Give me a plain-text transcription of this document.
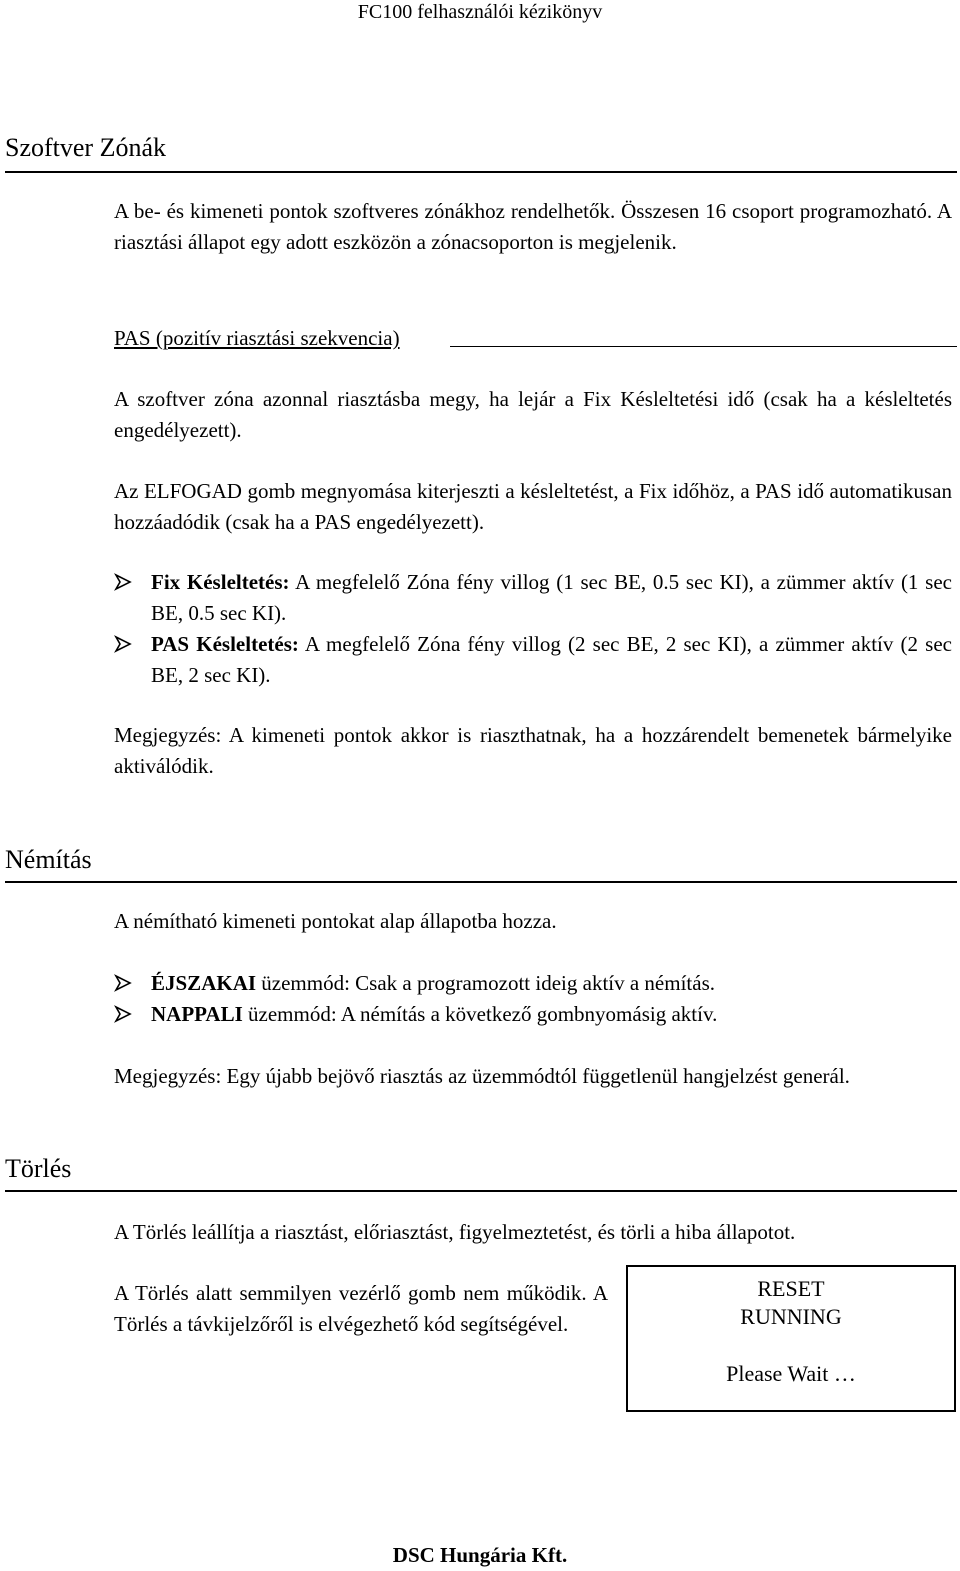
FC100 felhasználói kézikönyv
Szoftver Zónák
A be- és kimeneti pontok szoftveres zónákhoz rendelhetők. Összesen 16 csoport programozható. A riasztási állapot egy adott eszközön a zónacsoporton is megjelenik.
PAS (pozitív riasztási szekvencia)
A szoftver zóna azonnal riasztásba megy, ha lejár a Fix Késleltetési idő (csak ha a késleltetés engedélyezett).
Az ELFOGAD gomb megnyomása kiterjeszti a késleltetést, a Fix időhöz, a PAS idő automatikusan hozzáadódik (csak ha a PAS engedélyezett).
Fix Késleltetés: A megfelelő Zóna fény villog (1 sec BE, 0.5 sec KI), a zümmer aktív (1 sec BE, 0.5 sec KI).
PAS Késleltetés: A megfelelő Zóna fény villog (2 sec BE, 2 sec KI), a zümmer aktív (2 sec BE, 2 sec KI).
Megjegyzés: A kimeneti pontok akkor is riaszthatnak, ha a hozzárendelt bemenetek bármelyike aktiválódik.
Némítás
A némítható kimeneti pontokat alap állapotba hozza.
ÉJSZAKAI üzemmód: Csak a programozott ideig aktív a némítás.
NAPPALI üzemmód: A némítás a következő gombnyomásig aktív.
Megjegyzés: Egy újabb bejövő riasztás az üzemmódtól függetlenül hangjelzést generál.
Törlés
A Törlés leállítja a riasztást, előriasztást, figyelmeztetést, és törli a hiba állapotot.
A Törlés alatt semmilyen vezérlő gomb nem működik. A Törlés a távkijelzőről is elvégezhető kód segítségével.
RESET
RUNNING
Please Wait …
DSC Hungária Kft.
